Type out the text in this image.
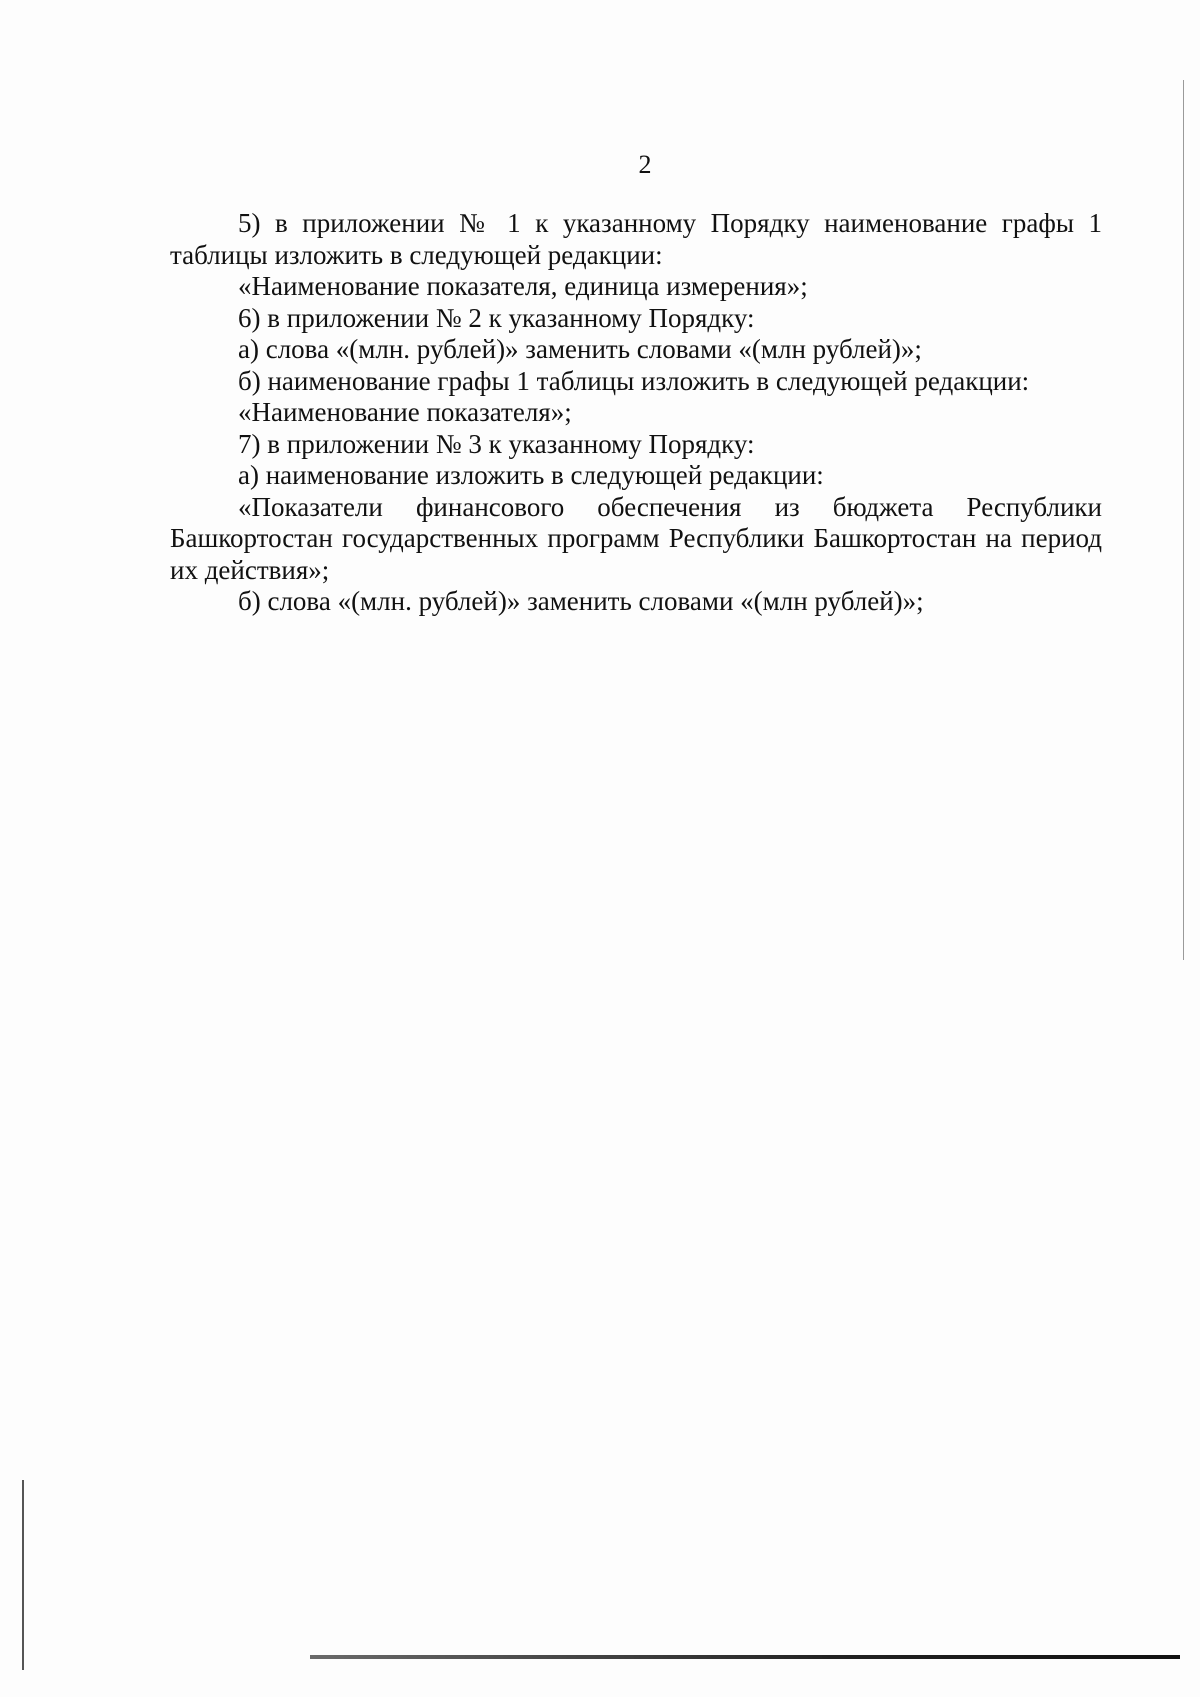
2

5) в приложении № 1 к указанному Порядку наименование графы 1 таблицы изложить в следующей редакции:

«Наименование показателя, единица измерения»;

6) в приложении № 2 к указанному Порядку:

а) слова «(млн. рублей)» заменить словами «(млн рублей)»;

б) наименование графы 1 таблицы изложить в следующей редакции:

«Наименование показателя»;

7) в приложении № 3 к указанному Порядку:

а) наименование изложить в следующей редакции:

«Показатели финансового обеспечения из бюджета Республики Башкортостан государственных программ Республики Башкортостан на период их действия»;

б) слова «(млн. рублей)» заменить словами «(млн рублей)»;
